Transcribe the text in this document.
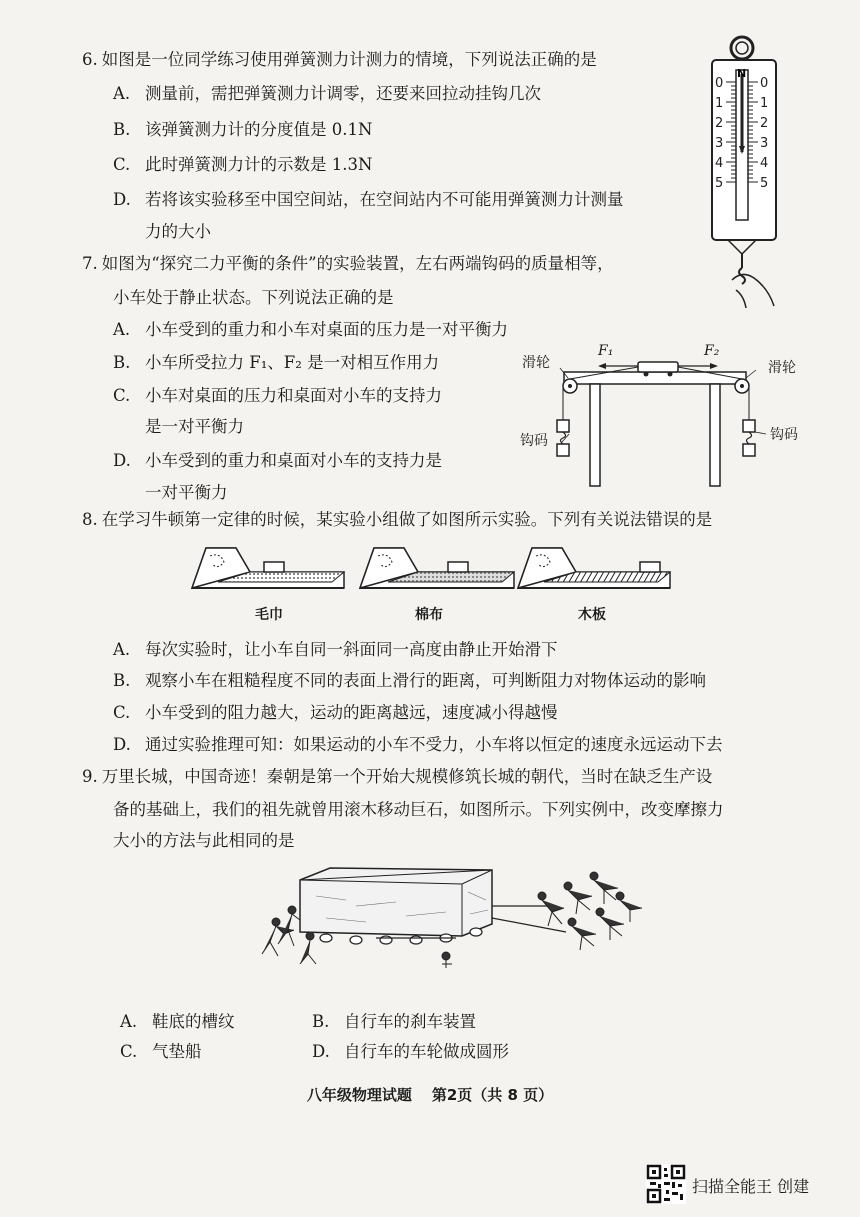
6. 如图是一位同学练习使用弹簧测力计测力的情境，下列说法正确的是
A. 测量前，需把弹簧测力计调零，还要来回拉动挂钩几次
B. 该弹簧测力计的分度值是 0.1N
C. 此时弹簧测力计的示数是 1.3N
D. 若将该实验移至中国空间站，在空间站内不可能用弹簧测力计测量
力的大小
N
0
1
2
3
4
5
0
1
2
3
4
5
7. 如图为“探究二力平衡的条件”的实验装置，左右两端钩码的质量相等，
小车处于静止状态。下列说法正确的是
A. 小车受到的重力和小车对桌面的压力是一对平衡力
B. 小车所受拉力 F₁、F₂ 是一对相互作用力
C. 小车对桌面的压力和桌面对小车的支持力
是一对平衡力
D. 小车受到的重力和桌面对小车的支持力是
一对平衡力
滑轮	滑轮
钩码	钩码
F₁	F₂
8. 在学习牛顿第一定律的时候，某实验小组做了如图所示实验。下列有关说法错误的是
毛巾	棉布	木板
A. 每次实验时，让小车自同一斜面同一高度由静止开始滑下
B. 观察小车在粗糙程度不同的表面上滑行的距离，可判断阻力对物体运动的影响
C. 小车受到的阻力越大，运动的距离越远，速度减小得越慢
D. 通过实验推理可知：如果运动的小车不受力，小车将以恒定的速度永远运动下去
9. 万里长城，中国奇迹！秦朝是第一个开始大规模修筑长城的朝代，当时在缺乏生产设
备的基础上，我们的祖先就曾用滚木移动巨石，如图所示。下列实例中，改变摩擦力
大小的方法与此相同的是
A. 鞋底的槽纹	B. 自行车的刹车装置
C. 气垫船	D. 自行车的车轮做成圆形
八年级物理试题 第2页（共 8 页）
扫描全能王 创建
